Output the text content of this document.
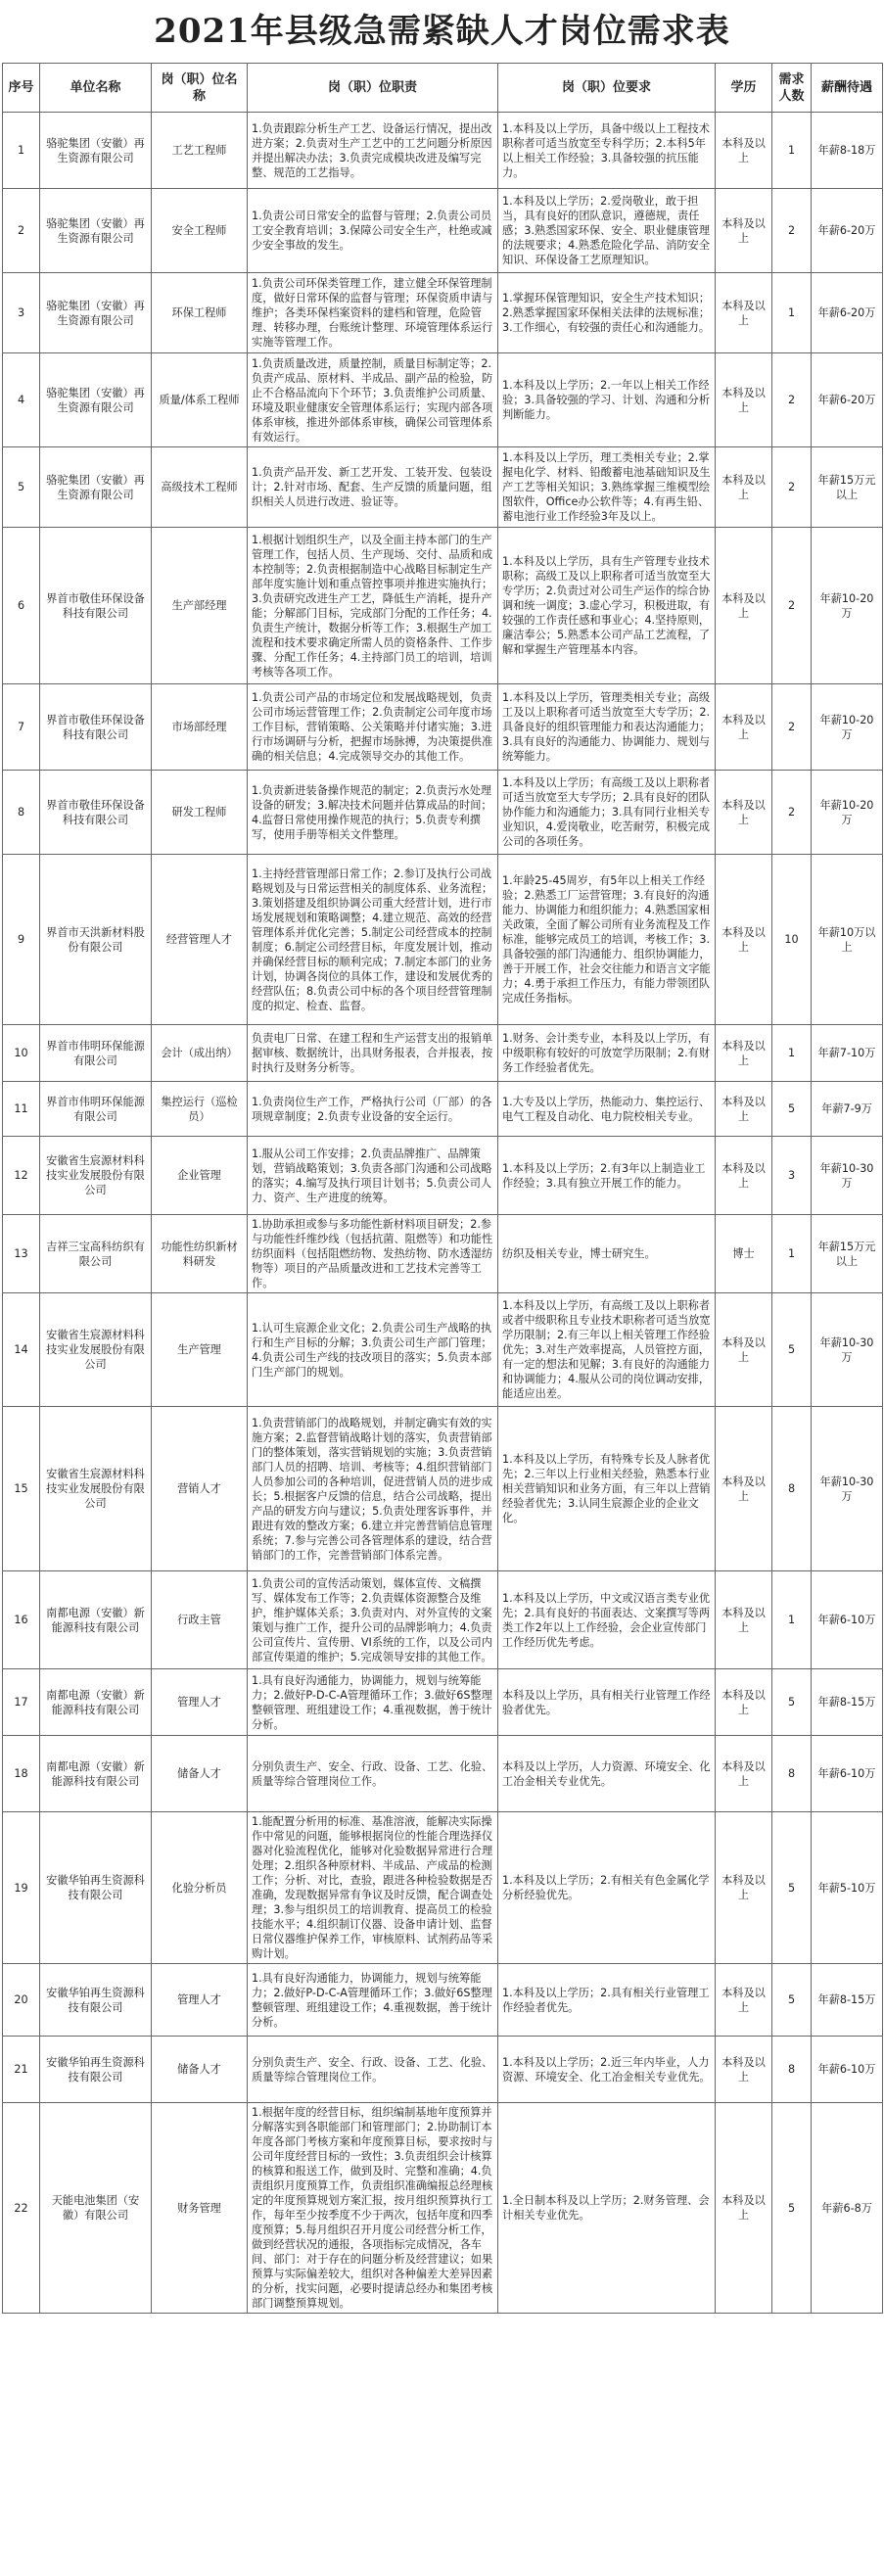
2021年县级急需紧缺人才岗位需求表
序号	单位名称	岗（职）位名称	岗（职）位职责	岗（职）位要求	学历	需求人数	薪酬待遇
1	骆驼集团（安徽）再生资源有限公司	工艺工程师	1.负责跟踪分析生产工艺、设备运行情况，提出改进方案；2.负责对生产工艺中的工艺问题分析原因并提出解决办法；3.负责完成模块改进及编写完整、规范的工艺指导。	1.本科及以上学历，具备中级以上工程技术职称者可适当放宽至专科学历；2.本科5年以上相关工作经验；3.具备较强的抗压能力。	本科及以上	1	年薪8-18万
2	骆驼集团（安徽）再生资源有限公司	安全工程师	1.负责公司日常安全的监督与管理；2.负责公司员工安全教育培训；3.保障公司安全生产，杜绝或减少安全事故的发生。	1.本科及以上学历；2.爱岗敬业，敢于担当，具有良好的团队意识，遵德规，责任感；3.熟悉国家环保、安全、职业健康管理的法规要求；4.熟悉危险化学品、消防安全知识、环保设备工艺原理知识。	本科及以上	2	年薪6-20万
3	骆驼集团（安徽）再生资源有限公司	环保工程师	1.负责公司环保类管理工作，建立健全环保管理制度，做好日常环保的监督与管理；环保资质申请与维护；各类环保档案资料的建档和管理，危险管理、转移办理，台账统计整理、环境管理体系运行实施等管理工作。	1.掌握环保管理知识，安全生产技术知识；2.熟悉掌握国家环保相关法律的法规标准；3.工作细心，有较强的责任心和沟通能力。	本科及以上	1	年薪6-20万
4	骆驼集团（安徽）再生资源有限公司	质量/体系工程师	1.负责质量改进，质量控制，质量目标制定等；2.负责产成品、原材料、半成品、副产品的检验，防止不合格品流向下个环节；3.负责维护公司质量、环境及职业健康安全管理体系运行；实现内部各项体系审核，推进外部体系审核，确保公司管理体系有效运行。	1.本科及以上学历；2.一年以上相关工作经验；3.具备较强的学习、计划、沟通和分析判断能力。	本科及以上	2	年薪6-20万
5	骆驼集团（安徽）再生资源有限公司	高级技术工程师	1.负责产品开发、新工艺开发、工装开发、包装设计；2.针对市场、配套、生产反馈的质量问题，组织相关人员进行改进、验证等。	1.本科及以上学历，理工类相关专业；2.掌握电化学、材料、铅酸蓄电池基础知识及生产工艺等相关知识；3.熟练掌握三维模型绘图软件，Office办公软件等；4.有再生铅、蓄电池行业工作经验3年及以上。	本科及以上	2	年薪15万元以上
6	界首市敬佳环保设备科技有限公司	生产部经理	1.根据计划组织生产，以及全面主持本部门的生产管理工作，包括人员、生产现场、交付、品质和成本控制等；2.负责根据制造中心战略目标制定生产部年度实施计划和重点管控事项并推进实施执行；3.负责研究改进生产工艺，降低生产消耗，提升产能；分解部门目标，完成部门分配的工作任务；4.负责生产统计，数据分析等工作；3.根据生产加工流程和技术要求确定所需人员的资格条件、工作步骤、分配工作任务；4.主持部门员工的培训，培训考核等各项工作。	1.本科及以上学历，具有生产管理专业技术职称；高级工及以上职称者可适当放宽至大专学历；2.负责过对公司生产运作的综合协调和统一调度；3.虚心学习，积极进取，有较强的工作责任感和事业心；4.坚持原则，廉洁奉公；5.熟悉本公司产品工艺流程，了解和掌握生产管理基本内容。	本科及以上	2	年薪10-20万
7	界首市敬佳环保设备科技有限公司	市场部经理	1.负责公司产品的市场定位和发展战略规划，负责公司市场运营管理工作；2.负责制定公司年度市场工作目标，营销策略、公关策略并付诸实施；3.进行市场调研与分析，把握市场脉搏，为决策提供准确的相关信息；4.完成领导交办的其他工作。	1.本科及以上学历，管理类相关专业；高级工及以上职称者可适当放宽至大专学历；2.具备良好的组织管理能力和表达沟通能力；3.具有良好的沟通能力、协调能力、规划与统筹能力。	本科及以上	2	年薪10-20万
8	界首市敬佳环保设备科技有限公司	研发工程师	1.负责新进装备操作规范的制定；2.负责污水处理设备的研发；3.解决技术问题并估算成品的时间；4.监督日常使用操作规范的执行；5.负责专利撰写，使用手册等相关文件整理。	1.本科及以上学历；有高级工及以上职称者可适当放宽至大专学历；2.具有良好的团队协作能力和沟通能力；3.具有同行业相关专业知识，4.爱岗敬业，吃苦耐劳，积极完成公司的各项任务。	本科及以上	2	年薪10-20万
9	界首市天洪新材料股份有限公司	经营管理人才	1.主持经营管理部日常工作；2.参订及执行公司战略规划及与日常运营相关的制度体系、业务流程；3.策划搭建及组织协调公司重大经营计划，进行市场发展规划和策略调整；4.建立规范、高效的经营管理体系并优化完善；5.制定公司经营成本的控制制度；6.制定公司经营目标，年度发展计划，推动并确保经营目标的顺利完成；7.制定本部门的业务计划，协调各岗位的具体工作，建设和发展优秀的经营队伍；8.负责公司中标的各个项目经营管理制度的拟定、检查、监督。	1.年龄25-45周岁，有5年以上相关工作经验；2.熟悉工厂运营管理；3.有良好的沟通能力、协调能力和组织能力；4.熟悉国家相关政策，全面了解公司所有业务流程及工作标准，能够完成员工的培训，考核工作；3.具备较强的部门沟通能力、组织协调能力，善于开展工作，社会交往能力和语言文字能力；4.勇于承担工作压力，有能力带领团队完成任务指标。	本科及以上	10	年薪10万以上
10	界首市伟明环保能源有限公司	会计（成出纳）	负责电厂日常、在建工程和生产运营支出的报销单据审核、数据统计，出具财务报表，合并报表，按时执行及财务分析等。	1.财务、会计类专业，本科及以上学历，有中级职称有较好的可放宽学历限制；2.有财务工作经验者优先。	本科及以上	1	年薪7-10万
11	界首市伟明环保能源有限公司	集控运行（巡检员）	1.负责岗位生产工作，严格执行公司（厂部）的各项规章制度；2.负责专业设备的安全运行。	1.大专及以上学历，热能动力、集控运行、电气工程及自动化、电力院校相关专业。	本科及以上	5	年薪7-9万
12	安徽省生宸源材料科技实业发展股份有限公司	企业管理	1.服从公司工作安排；2.负责品牌推广、品牌策划，营销战略策划；3.负责各部门沟通和公司战略的落实；4.编写及执行项目计划书；5.负责公司人力、资产、生产进度的统筹。	1.本科及以上学历；2.有3年以上制造业工作经验；3.具有独立开展工作的能力。	本科及以上	3	年薪10-30万
13	吉祥三宝高科纺织有限公司	功能性纺织新材料研发	1.协助承担或参与多功能性新材料项目研发；2.参与功能性纤维纱线（包括抗菌、阻燃等）和功能性纺织面料（包括阻燃纺物、发热纺物、防水透湿纺物等）项目的产品质量改进和工艺技术完善等工作。	纺织及相关专业，博士研究生。	博士	1	年薪15万元以上
14	安徽省生宸源材料科技实业发展股份有限公司	生产管理	1.认可生宸源企业文化；2.负责公司生产战略的执行和生产目标的分解；3.负责公司生产部门管理；4.负责公司生产线的技改项目的落实；5.负责本部门生产部门的规划。	1.本科及以上学历，有高级工及以上职称者或者中级职称且专业技术职称者可适当放宽学历限制；2.有三年以上相关管理工作经验优先；3.对生产效率提高，人员管控方面，有一定的想法和见解；3.有良好的沟通能力和协调能力；4.服从公司的岗位调动安排，能适应出差。	本科及以上	5	年薪10-30万
15	安徽省生宸源材料科技实业发展股份有限公司	营销人才	1.负责营销部门的战略规划，并制定确实有效的实施方案；2.监督营销战略计划的落实，负责营销部门的整体策划，落实营销规划的实施；3.负责营销部门人员的招聘、培训、考核等；4.组织营销部门人员参加公司的各种培训，促进营销人员的进步成长；5.根据客户反馈的信息，结合公司战略，提出产品的研发方向与建议；5.负责处理客诉事件，并跟进有效的整改方案；6.建立并完善营销信息管理系统；7.参与完善公司各管理体系的建设，结合营销部门的工作，完善营销部门体系完善。	1.本科及以上学历，有特殊专长及人脉者优先；2.三年以上行业相关经验，熟悉本行业相关营销知识和业务方面，有三年以上营销经验者优先；3.认同生宸源企业的企业文化。	本科及以上	8	年薪10-30万
16	南都电源（安徽）新能源科技有限公司	行政主管	1.负责公司的宣传活动策划，媒体宣传、文稿撰写、媒体发布工作等；2.负责媒体资源整合及维护，维护媒体关系；3.负责对内、对外宣传的文案策划与推广工作，提升公司的品牌影响力；4.负责公司宣传片、宣传册、VI系统的工作，以及公司内部宣传渠道的维护；5.完成领导安排的其他工作。	1.本科及以上学历，中文或汉语言类专业优先；2.具有良好的书面表达、文案撰写等两类工作2年以上工作经验，会企业宣传部门工作经历优先考虑。	本科及以上	1	年薪6-10万
17	南都电源（安徽）新能源科技有限公司	管理人才	1.具有良好沟通能力，协调能力，规划与统筹能力；2.做好P-D-C-A管理循环工作；3.做好6S整理整顿管理、班组建设工作；4.重视数据，善于统计分析。	本科及以上学历，具有相关行业管理工作经验者优先。	本科及以上	5	年薪8-15万
18	南都电源（安徽）新能源科技有限公司	储备人才	分别负责生产、安全、行政、设备、工艺、化验、质量等综合管理岗位工作。	本科及以上学历，人力资源、环境安全、化工冶金相关专业优先。	本科及以上	8	年薪6-10万
19	安徽华铂再生资源科技有限公司	化验分析员	1.能配置分析用的标准、基准溶液，能解决实际操作中常见的问题，能够根据岗位的性能合理选择仪器对化验流程优化，能够对化验数据异常进行合理处理；2.组织各种原材料、半成品、产成品的检测工作；分析、对比，查验，跟进各种检验数据是否准确，发现数据异常有争议及时反馈，配合调查处理；3.参与组织员工的培训教育、提高员工的检验技能水平；4.组织制订仪器、设备申请计划、监督日常仪器维护保养工作，审核原料、试剂药品等采购计划。	1.本科及以上学历；2.有相关有色金属化学分析经验优先。	本科及以上	5	年薪5-10万
20	安徽华铂再生资源科技有限公司	管理人才	1.具有良好沟通能力，协调能力，规划与统筹能力；2.做好P-D-C-A管理循环工作；3.做好6S整理整顿管理、班组建设工作；4.重视数据，善于统计分析。	1.本科及以上学历；2.具有相关行业管理工作经验者优先。	本科及以上	5	年薪8-15万
21	安徽华铂再生资源科技有限公司	储备人才	分别负责生产、安全、行政、设备、工艺、化验、质量等综合管理岗位工作。	1.本科及以上学历；2.近三年内毕业，人力资源、环境安全、化工冶金相关专业优先。	本科及以上	8	年薪6-10万
22	天能电池集团（安徽）有限公司	财务管理	1.根据年度的经营目标，组织编制基地年度预算并分解落实到各职能部门和管理部门；2.协助制订本年度各部门考核方案和年度预算目标，要求按时与公司年度经营目标的一致性；3.负责组织会计核算的核算和报送工作，做到及时、完整和准确；4.负责组织月度预算工作，负责组织准确编报总经理核定的年度预算规划方案汇报，按月组织预算执行工作，每年至少按季度不少于两次，包括年度和四季度预算；5.每月组织召开月度公司经营分析工作，做到经营状况的通报，各项指标完成情况，各车间、部门：对于存在的问题分析及经营建议；如果预算与实际偏差较大，组织对各种偏差大差异因素的分析，找实问题，必要时提请总经办和集团考核部门调整预算规划。	1.全日制本科及以上学历；2.财务管理、会计相关专业优先。	本科及以上	5	年薪6-8万
